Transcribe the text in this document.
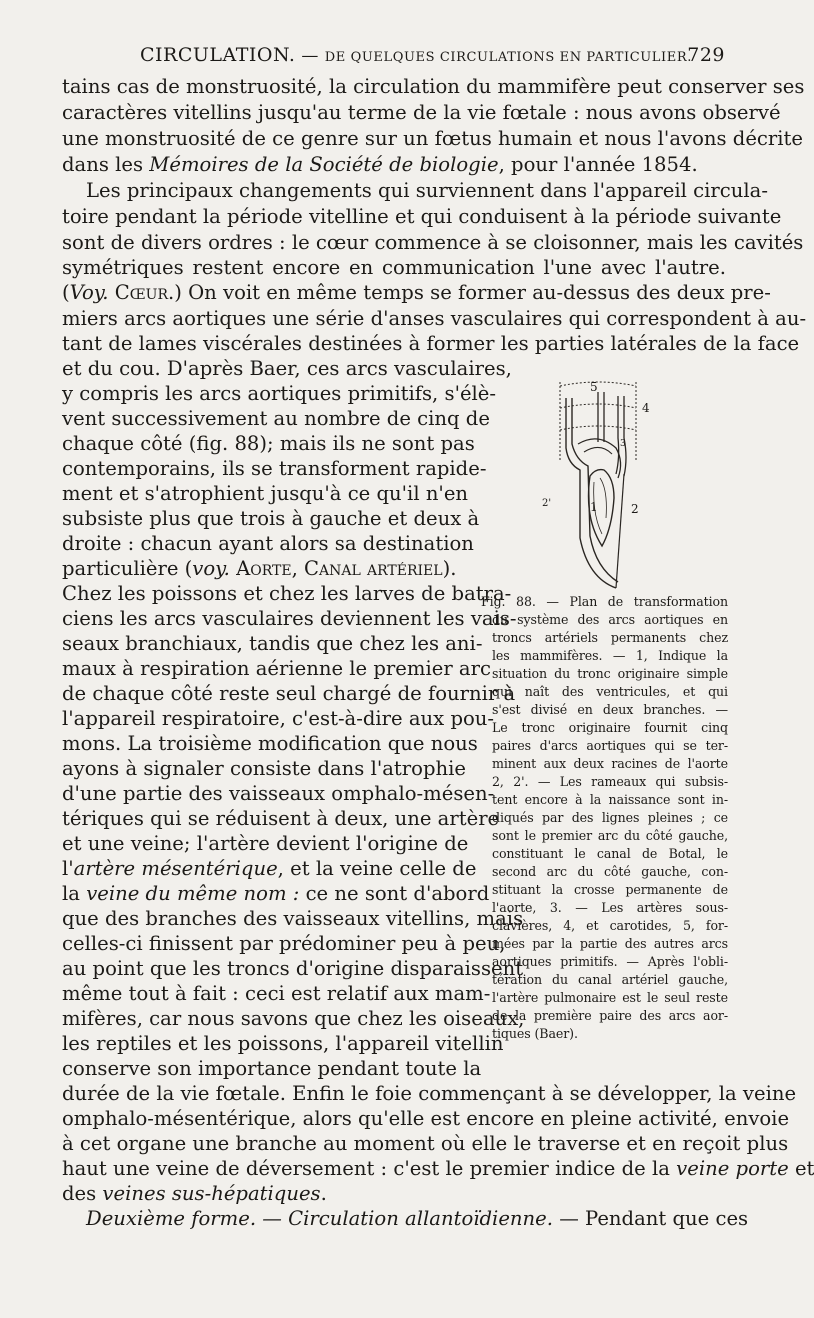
CIRCULATION. — DE QUELQUES CIRCULATIONS EN PARTICULIER.
729
tains cas de monstruosité, la circulation du mammifère peut conserver ses
caractères vitellins jusqu'au terme de la vie fœtale : nous avons observé
une monstruosité de ce genre sur un fœtus humain et nous l'avons décrite
dans les Mémoires de la Société de biologie, pour l'année 1854.
Les principaux changements qui surviennent dans l'appareil circula-
toire pendant la période vitelline et qui conduisent à la période suivante
sont de divers ordres : le cœur commence à se cloisonner, mais les cavités
symétriques restent encore en communication l'une avec l'autre.
(Voy. Cœur.) On voit en même temps se former au-dessus des deux pre-
miers arcs aortiques une série d'anses vasculaires qui correspondent à au-
tant de lames viscérales destinées à former les parties latérales de la face
et du cou. D'après Baer, ces arcs vasculaires,
y compris les arcs aortiques primitifs, s'élè-
vent successivement au nombre de cinq de
chaque côté (fig. 88); mais ils ne sont pas
contemporains, ils se transforment rapide-
ment et s'atrophient jusqu'à ce qu'il n'en
subsiste plus que trois à gauche et deux à
droite : chacun ayant alors sa destination
particulière (voy. Aorte, Canal artériel).
Chez les poissons et chez les larves de batra-
ciens les arcs vasculaires deviennent les vais-
seaux branchiaux, tandis que chez les ani-
maux à respiration aérienne le premier arc
de chaque côté reste seul chargé de fournir à
l'appareil respiratoire, c'est-à-dire aux pou-
mons. La troisième modification que nous
ayons à signaler consiste dans l'atrophie
d'une partie des vaisseaux omphalo-mésen-
tériques qui se réduisent à deux, une artère
et une veine; l'artère devient l'origine de
l'artère mésentérique, et la veine celle de
la veine du même nom : ce ne sont d'abord
que des branches des vaisseaux vitellins, mais
celles-ci finissent par prédominer peu à peu,
au point que les troncs d'origine disparaissent
même tout à fait : ceci est relatif aux mam-
mifères, car nous savons que chez les oiseaux,
les reptiles et les poissons, l'appareil vitellin
conserve son importance pendant toute la
durée de la vie fœtale. Enfin le foie commençant à se développer, la veine
omphalo-mésentérique, alors qu'elle est encore en pleine activité, envoie
à cet organe une branche au moment où elle le traverse et en reçoit plus
haut une veine de déversement : c'est le premier indice de la veine porte et
des veines sus-hépatiques.
Deuxième forme. — Circulation allantoïdienne. — Pendant que ces
5
4
1	2
3
2'
Fig. 88. — Plan de transformation
du système des arcs aortiques en
troncs artériels permanents chez
les mammifères. — 1, Indique la
situation du tronc originaire simple
qui naît des ventricules, et qui
s'est divisé en deux branches. —
Le tronc originaire fournit cinq
paires d'arcs aortiques qui se ter-
minent aux deux racines de l'aorte
2, 2'. — Les rameaux qui subsis-
tent encore à la naissance sont in-
diqués par des lignes pleines ; ce
sont le premier arc du côté gauche,
constituant le canal de Botal, le
second arc du côté gauche, con-
stituant la crosse permanente de
l'aorte, 3. — Les artères sous-
clavières, 4, et carotides, 5, for-
mées par la partie des autres arcs
aortiques primitifs. — Après l'obli-
tération du canal artériel gauche,
l'artère pulmonaire est le seul reste
de la première paire des arcs aor-
tiques (Baer).
